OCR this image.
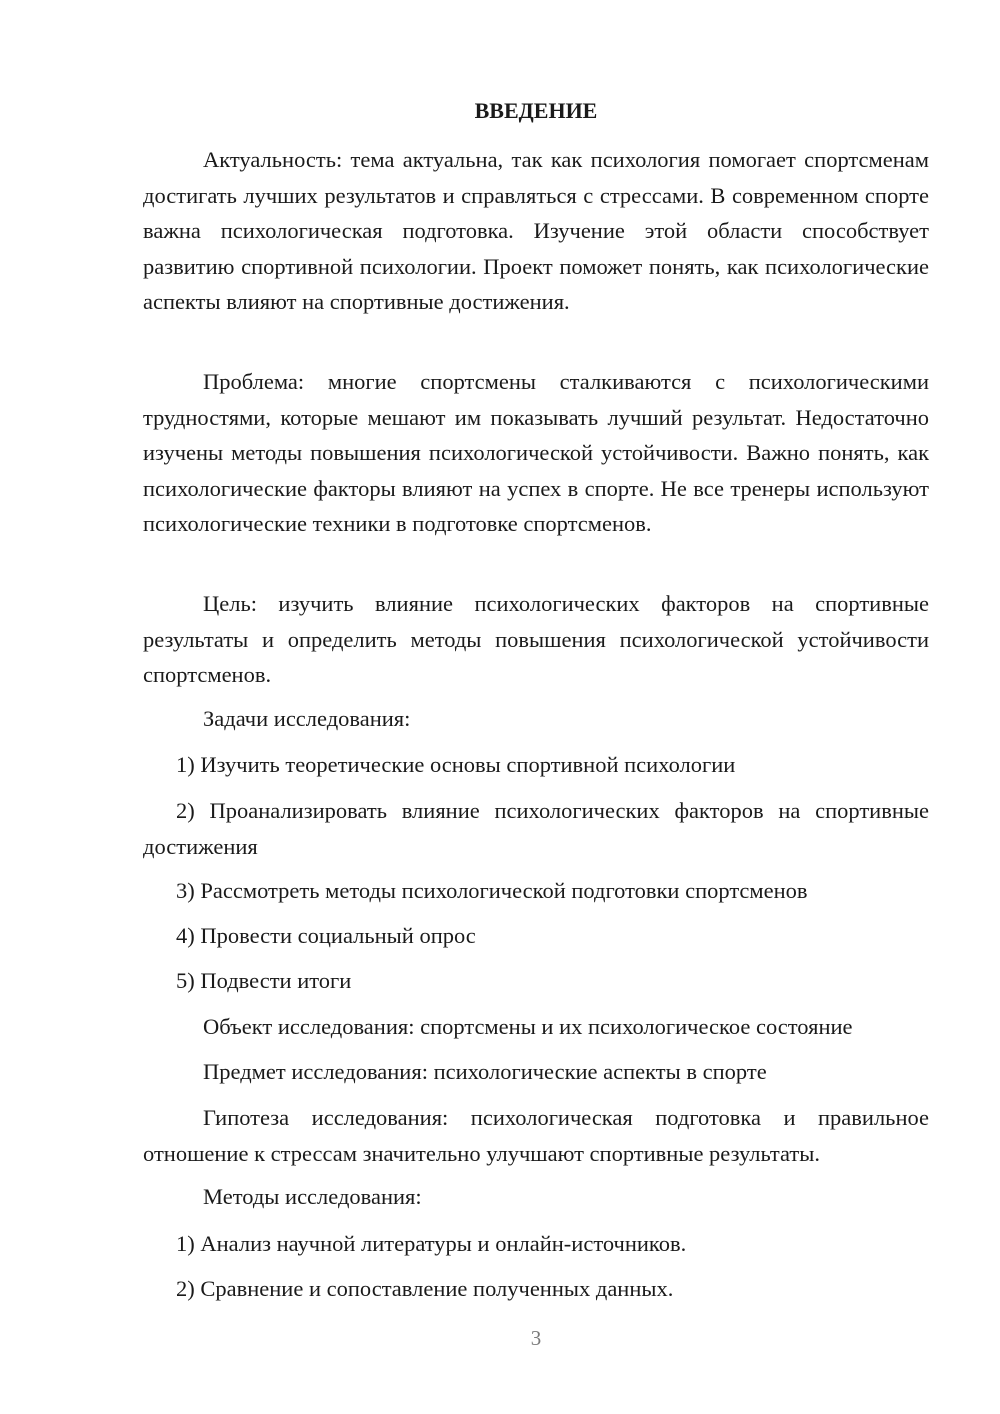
ВВЕДЕНИЕ

Актуальность: тема актуальна, так как психология помогает спортсменам достигать лучших результатов и справляться с стрессами. В современном спорте важна психологическая подготовка. Изучение этой области способствует развитию спортивной психологии. Проект поможет понять, как психологические аспекты влияют на спортивные достижения.

Проблема: многие спортсмены сталкиваются с психологическими трудностями, которые мешают им показывать лучший результат. Недостаточно изучены методы повышения психологической устойчивости. Важно понять, как психологические факторы влияют на успех в спорте. Не все тренеры используют психологические техники в подготовке спортсменов.

Цель: изучить влияние психологических факторов на спортивные результаты и определить методы повышения психологической устойчивости спортсменов.

Задачи исследования:
1) Изучить теоретические основы спортивной психологии

2) Проанализировать влияние психологических факторов на спортивные достижения

3) Рассмотреть методы психологической подготовки спортсменов
4) Провести социальный опрос
5) Подвести итоги
Объект исследования: спортсмены и их психологическое состояние
Предмет исследования: психологические аспекты в спорте

Гипотеза исследования: психологическая подготовка и правильное отношение к стрессам значительно улучшают спортивные результаты.

Методы исследования:
1) Анализ научной литературы и онлайн-источников.
2) Сравнение и сопоставление полученных данных.
3
